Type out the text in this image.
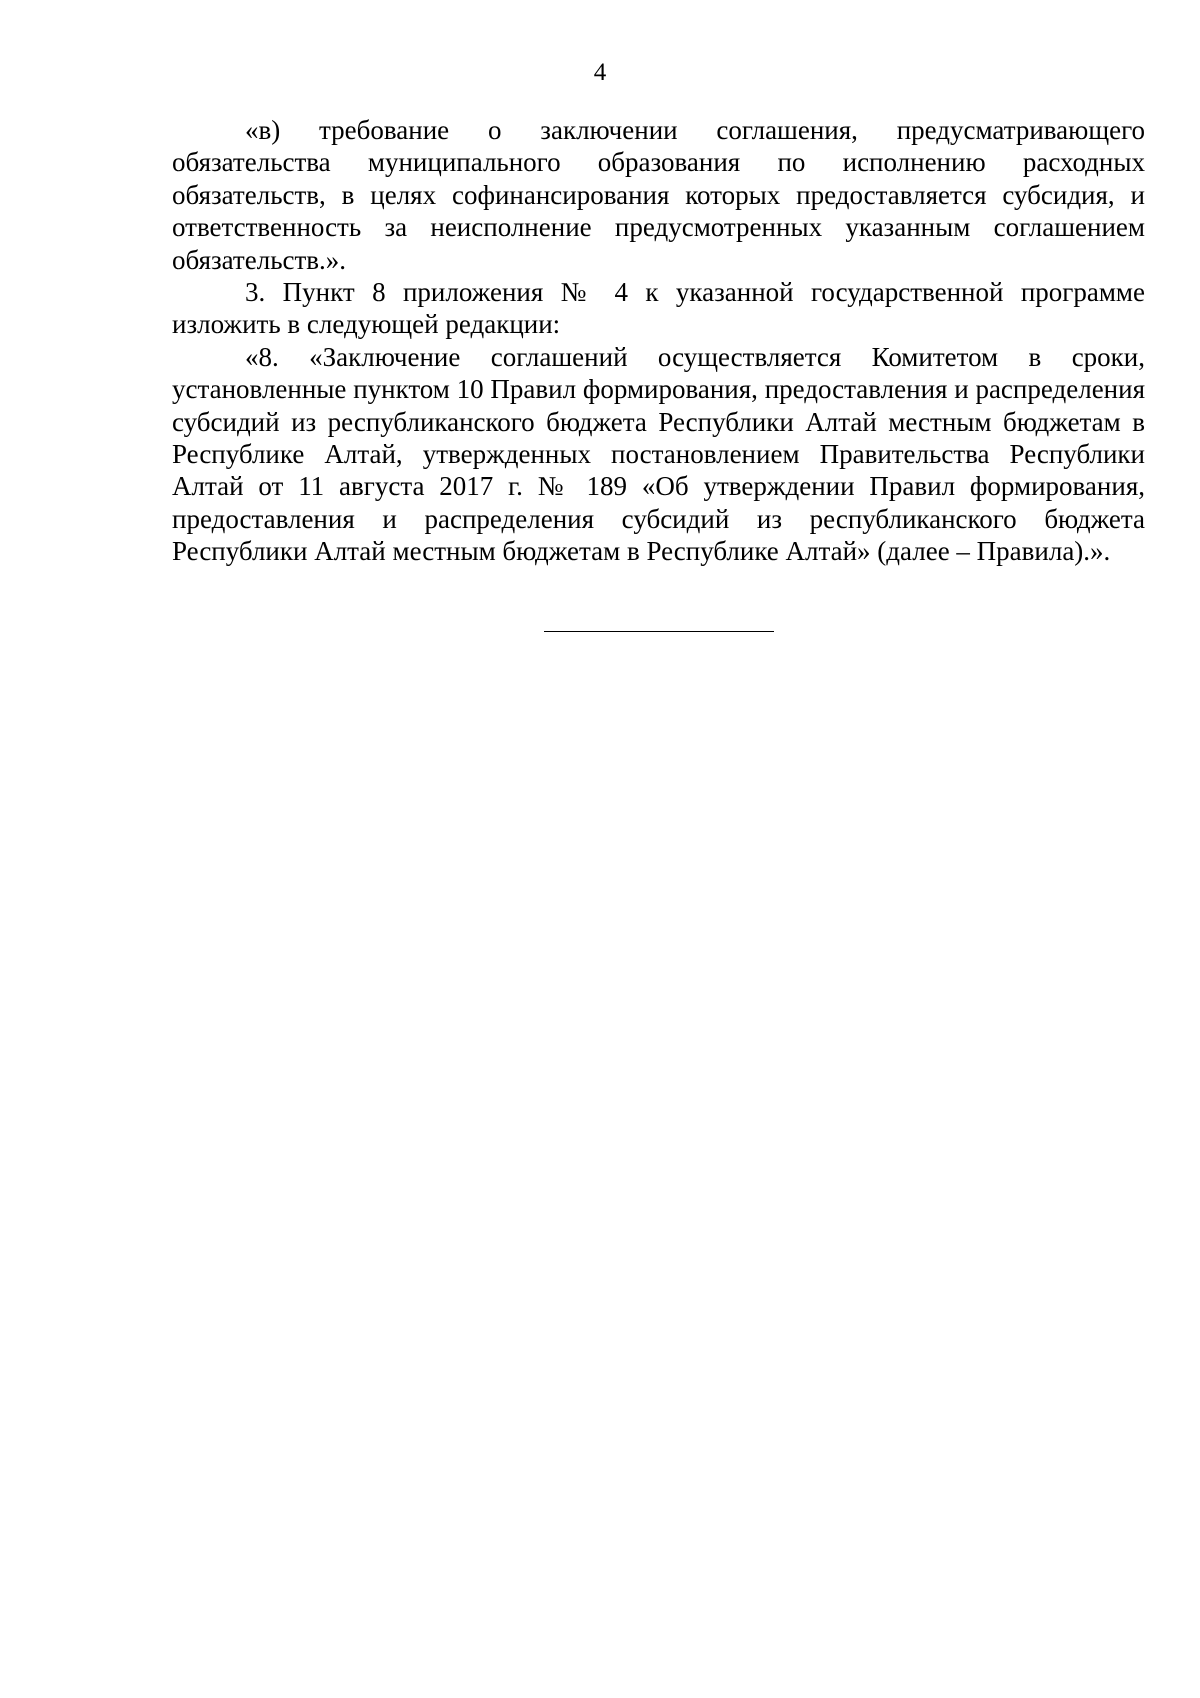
4

«в) требование о заключении соглашения, предусматривающего обязательства муниципального образования по исполнению расходных обязательств, в целях софинансирования которых предоставляется субсидия, и ответственность за неисполнение предусмотренных указанным соглашением обязательств.».

3. Пункт 8 приложения № 4 к указанной государственной программе изложить в следующей редакции:

«8. «Заключение соглашений осуществляется Комитетом в сроки, установленные пунктом 10 Правил формирования, предоставления и распределения субсидий из республиканского бюджета Республики Алтай местным бюджетам в Республике Алтай, утвержденных постановлением Правительства Республики Алтай от 11 августа 2017 г. № 189 «Об утверждении Правил формирования, предоставления и распределения субсидий из республиканского бюджета Республики Алтай местным бюджетам в Республике Алтай» (далее – Правила).».
